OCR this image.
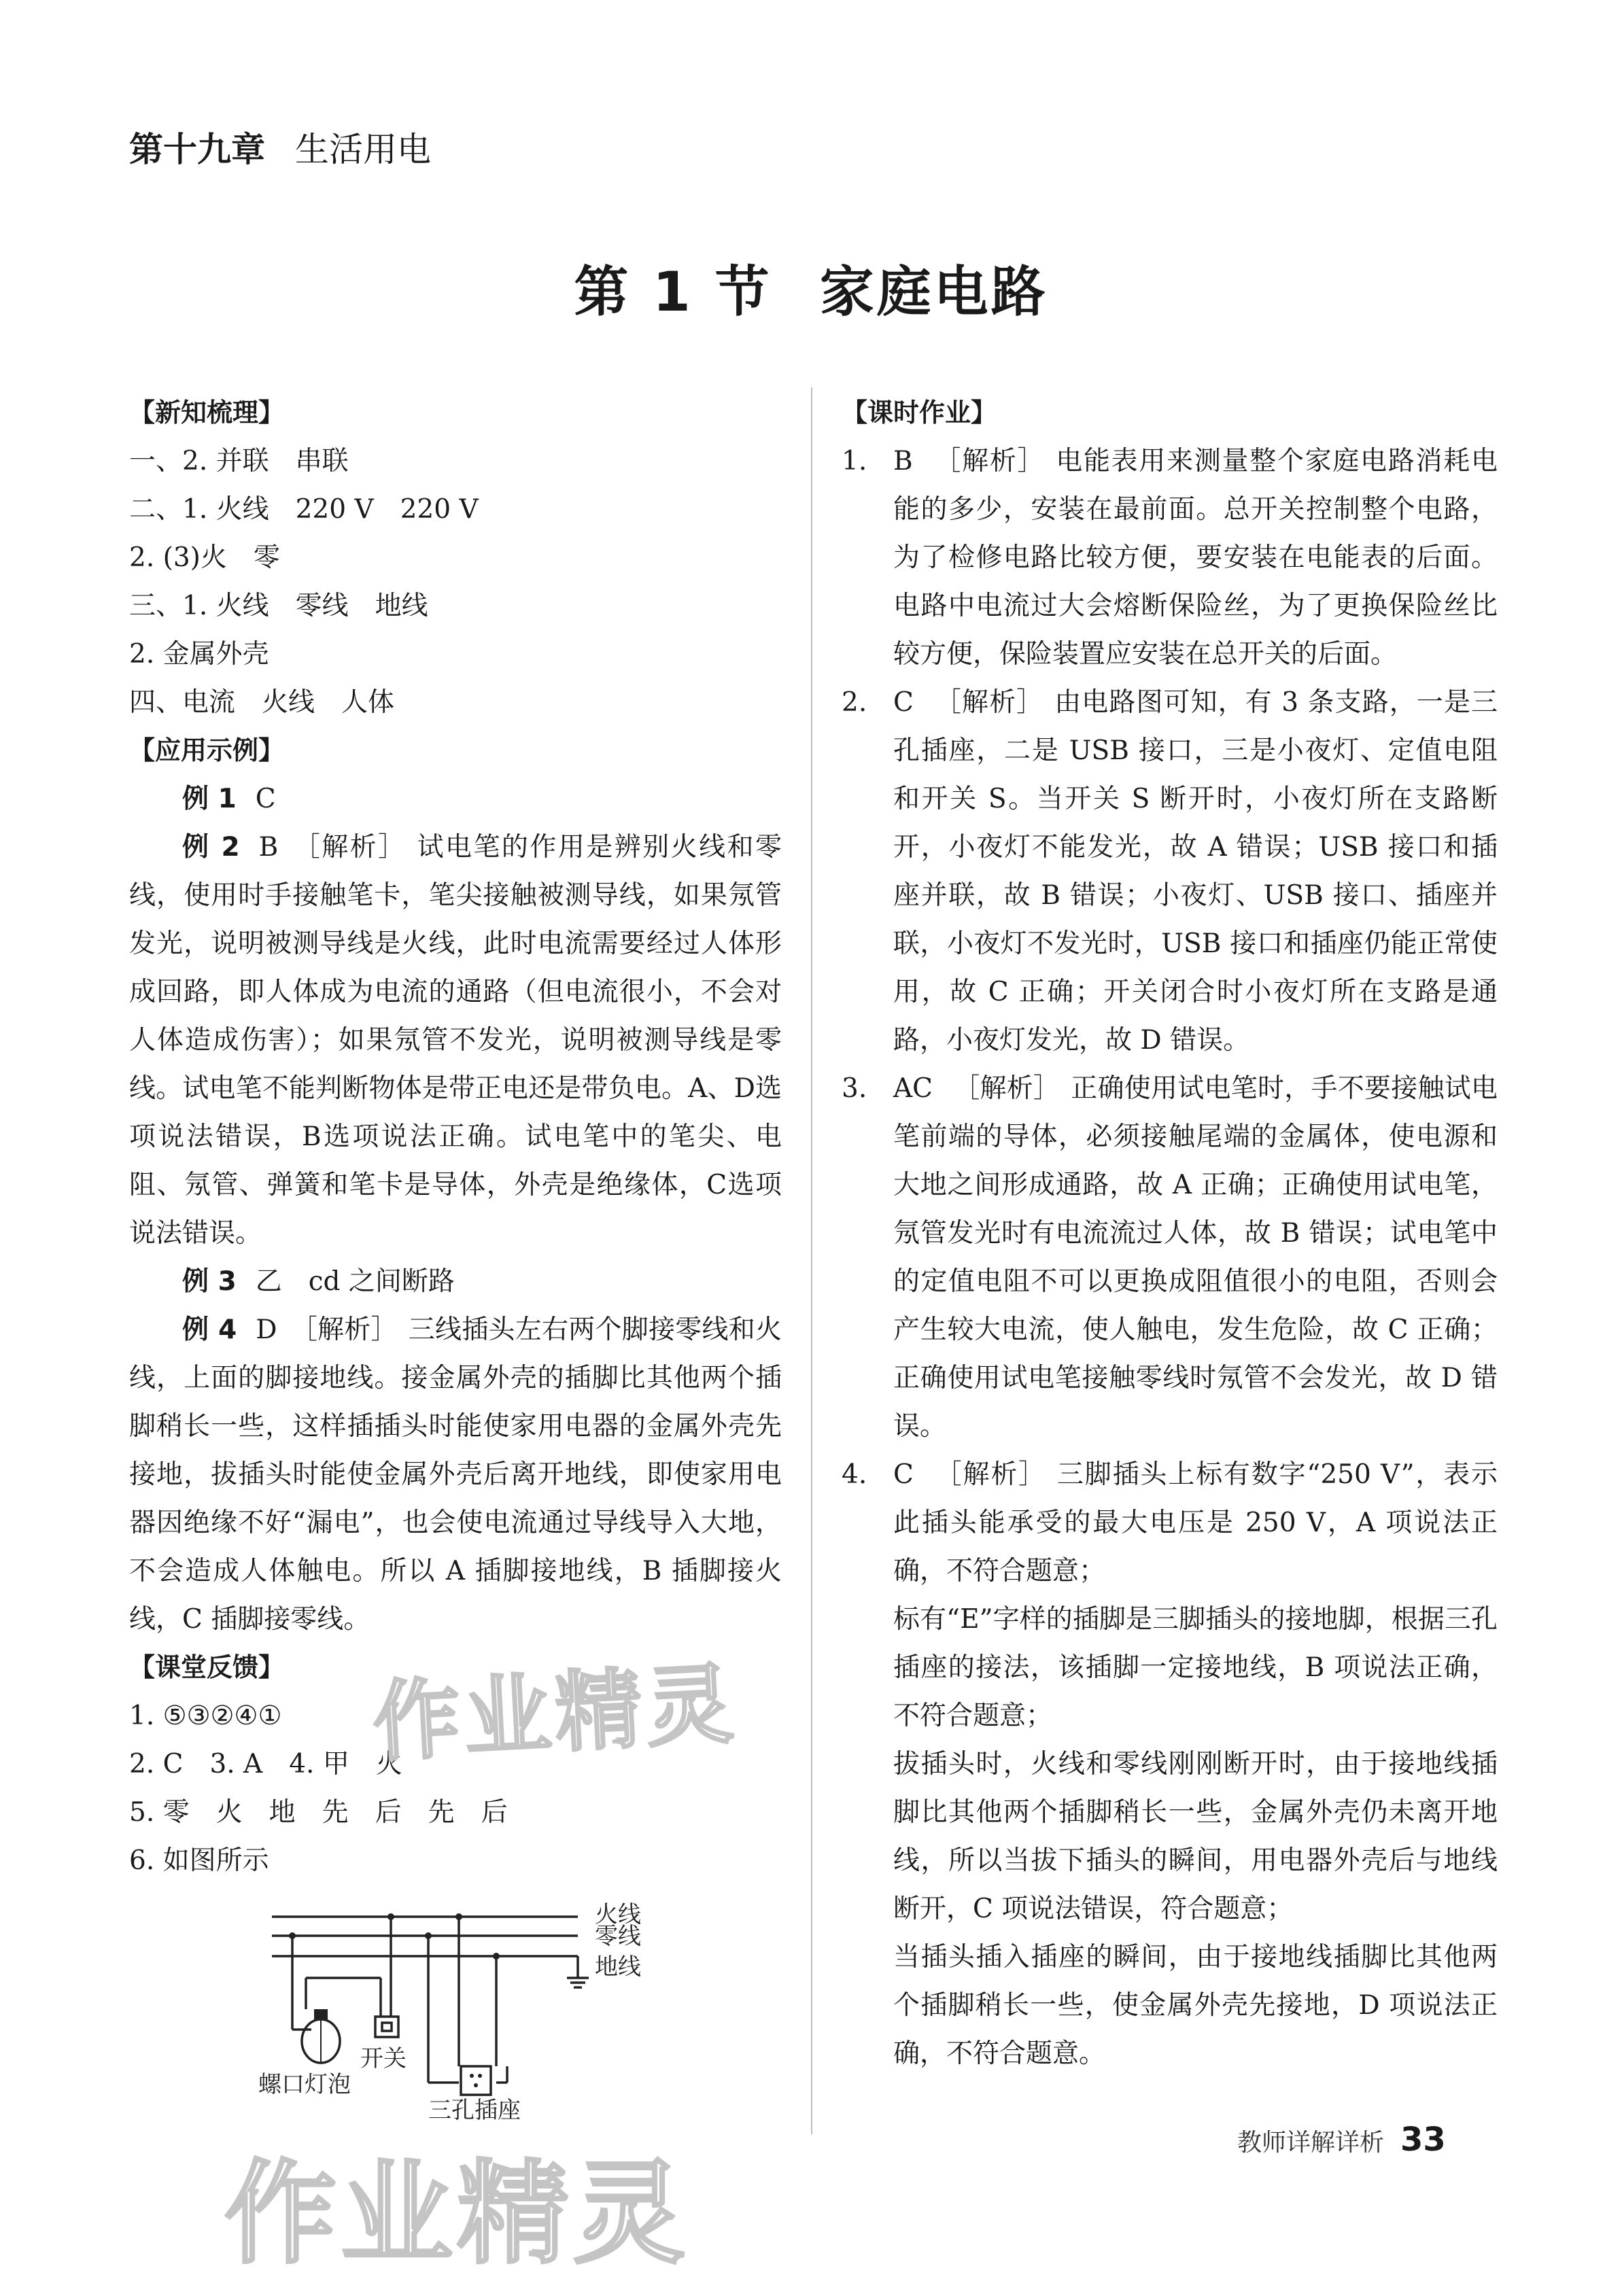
第十九章 生活用电
第 1 节 家庭电路
【新知梳理】
一、2. 并联　串联
二、1. 火线　220 V　220 V
2. (3)火　零
三、1. 火线　零线　地线
2. 金属外壳
四、电流　火线　人体
【应用示例】
例 1 C
例 2 B ［解析］ 试电笔的作用是辨别火线和零线，使用时手接触笔卡，笔尖接触被测导线，如果氖管发光，说明被测导线是火线，此时电流需要经过人体形成回路，即人体成为电流的通路（但电流很小，不会对人体造成伤害）；如果氖管不发光，说明被测导线是零线。试电笔不能判断物体是带正电还是带负电。A、D选项说法错误，B选项说法正确。试电笔中的笔尖、电阻、氖管、弹簧和笔卡是导体，外壳是绝缘体，C选项说法错误。
例 3 乙　cd 之间断路
例 4 D ［解析］ 三线插头左右两个脚接零线和火线，上面的脚接地线。接金属外壳的插脚比其他两个插脚稍长一些，这样插插头时能使家用电器的金属外壳先接地，拔插头时能使金属外壳后离开地线，即使家用电器因绝缘不好“漏电”，也会使电流通过导线导入大地，不会造成人体触电。所以 A 插脚接地线，B 插脚接火线，C 插脚接零线。
【课堂反馈】
1. ⑤③②④①
2. C　3. A　4. 甲　火
5. 零　火　地　先　后　先　后
6. 如图所示
火线
零线
地线
开关
螺口灯泡
三孔插座
【课时作业】
1. B ［解析］ 电能表用来测量整个家庭电路消耗电能的多少，安装在最前面。总开关控制整个电路，为了检修电路比较方便，要安装在电能表的后面。电路中电流过大会熔断保险丝，为了更换保险丝比较方便，保险装置应安装在总开关的后面。
2. C ［解析］ 由电路图可知，有 3 条支路，一是三孔插座，二是 USB 接口，三是小夜灯、定值电阻和开关 S。当开关 S 断开时，小夜灯所在支路断开，小夜灯不能发光，故 A 错误；USB 接口和插座并联，故 B 错误；小夜灯、USB 接口、插座并联，小夜灯不发光时，USB 接口和插座仍能正常使用，故 C 正确；开关闭合时小夜灯所在支路是通路，小夜灯发光，故 D 错误。
3. AC ［解析］ 正确使用试电笔时，手不要接触试电笔前端的导体，必须接触尾端的金属体，使电源和大地之间形成通路，故 A 正确；正确使用试电笔，氖管发光时有电流流过人体，故 B 错误；试电笔中的定值电阻不可以更换成阻值很小的电阻，否则会产生较大电流，使人触电，发生危险，故 C 正确；正确使用试电笔接触零线时氖管不会发光，故 D 错误。
4. C ［解析］ 三脚插头上标有数字“250 V”，表示此插头能承受的最大电压是 250 V，A 项说法正确，不符合题意；
标有“E”字样的插脚是三脚插头的接地脚，根据三孔插座的接法，该插脚一定接地线，B 项说法正确，不符合题意；
拔插头时，火线和零线刚刚断开时，由于接地线插脚比其他两个插脚稍长一些，金属外壳仍未离开地线，所以当拔下插头的瞬间，用电器外壳后与地线断开，C 项说法错误，符合题意；
当插头插入插座的瞬间，由于接地线插脚比其他两个插脚稍长一些，使金属外壳先接地，D 项说法正确，不符合题意。
作业精灵
作业精灵
教师详解详析 33
